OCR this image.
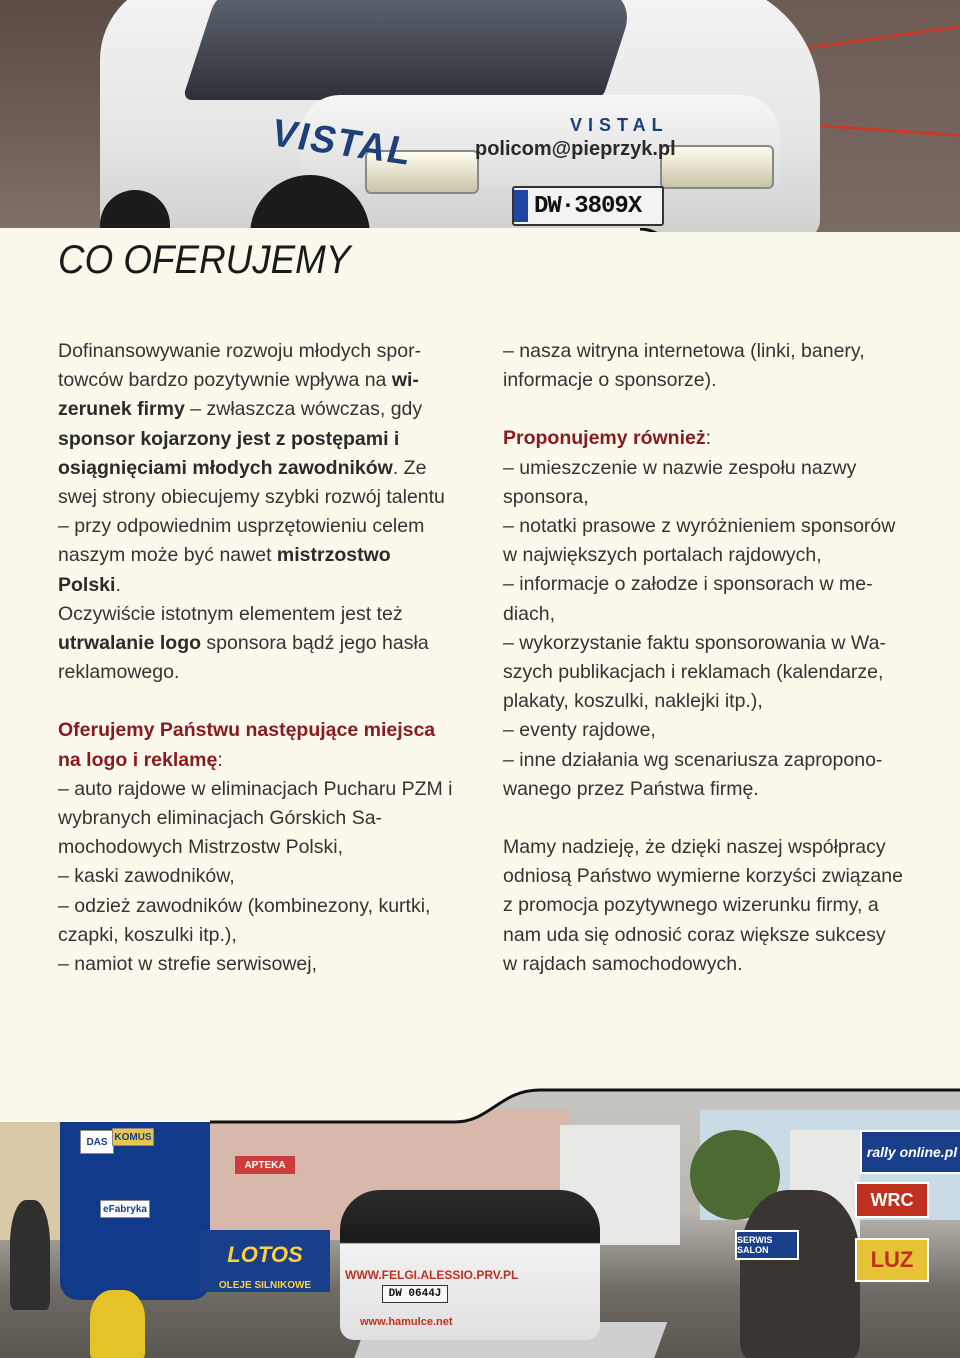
VISTAL	VISTAL
policom@pieprzyk.pl
DW·3809X
CO OFERUJEMY

Dofinansowywanie rozwoju młodych sportowców bardzo pozytywnie wpływa na wizerunek firmy – zwłaszcza wówczas, gdy sponsor kojarzony jest z postępami i osiągnięciami młodych zawodników. Ze swej strony obiecujemy szybki rozwój talentu – przy odpowiednim usprzętowieniu celem naszym może być nawet mistrzostwo Polski.

Oczywiście istotnym elementem jest też utrwalanie logo sponsora bądź jego hasła reklamowego.

Oferujemy Państwu następujące miejsca na logo i reklamę:

– auto rajdowe w eliminacjach Pucharu PZM i wybranych eliminacjach Górskich Samochodowych Mistrzostw Polski,
– kaski zawodników,
– odzież zawodników (kombinezony, kurtki, czapki, koszulki itp.),
– namiot w strefie serwisowej,
– nasza witryna internetowa (linki, banery, informacje o sponsorze).

Proponujemy również:

– umieszczenie w nazwie zespołu nazwy sponsora,
– notatki prasowe z wyróżnieniem sponsorów w największych portalach rajdowych,
– informacje o załodze i sponsorach w mediach,
– wykorzystanie faktu sponsorowania w Waszych publikacjach i reklamach (kalendarze, plakaty, koszulki, naklejki itp.),
– eventy rajdowe,
– inne działania wg scenariusza zaproponowanego przez Państwa firmę.

Mamy nadzieję, że dzięki naszej współpracy odniosą Państwo wymierne korzyści związane z promocja pozytywnego wizerunku firmy, a nam uda się odnosić coraz większe sukcesy w rajdach samochodowych.

APTEKA
DAS KOMUS
eFabryka
LOTOS
OLEJE SILNIKOWE
WWW.FELGI.ALESSIO.PRV.PL
DW 0644J
www.hamulce.net
rally online.pl
WRC
LUZ
SERWIS SALON
